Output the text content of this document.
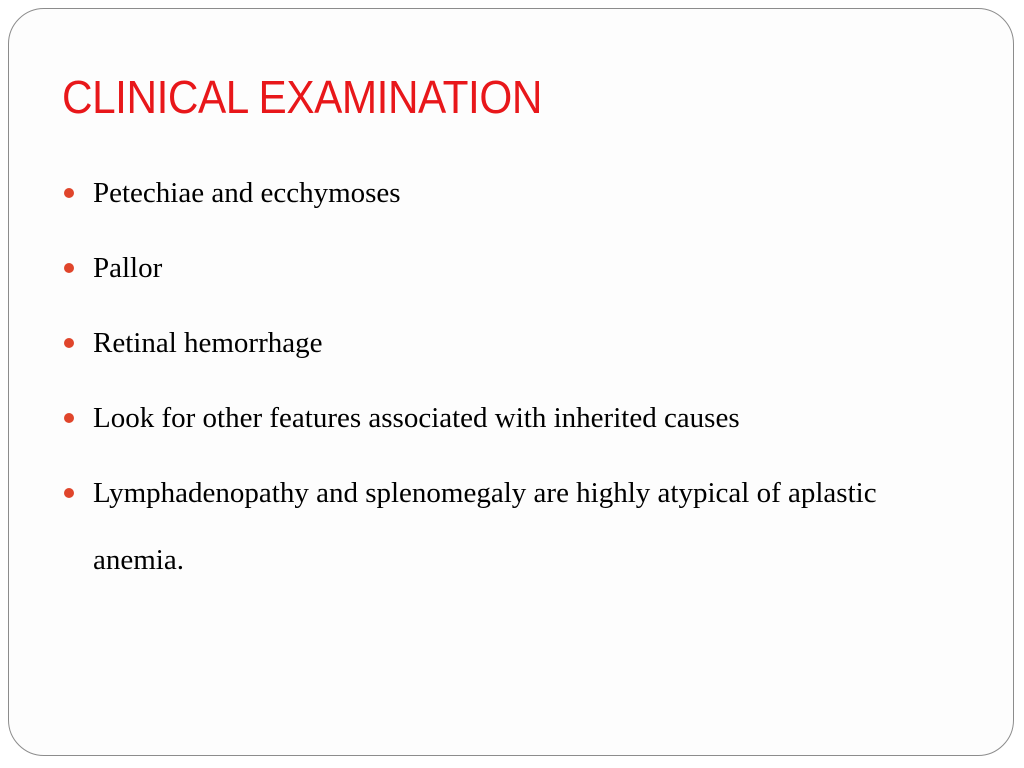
CLINICAL EXAMINATION
Petechiae and ecchymoses
Pallor
Retinal hemorrhage
Look for other features associated with inherited causes
Lymphadenopathy and splenomegaly are highly atypical of aplastic anemia.
